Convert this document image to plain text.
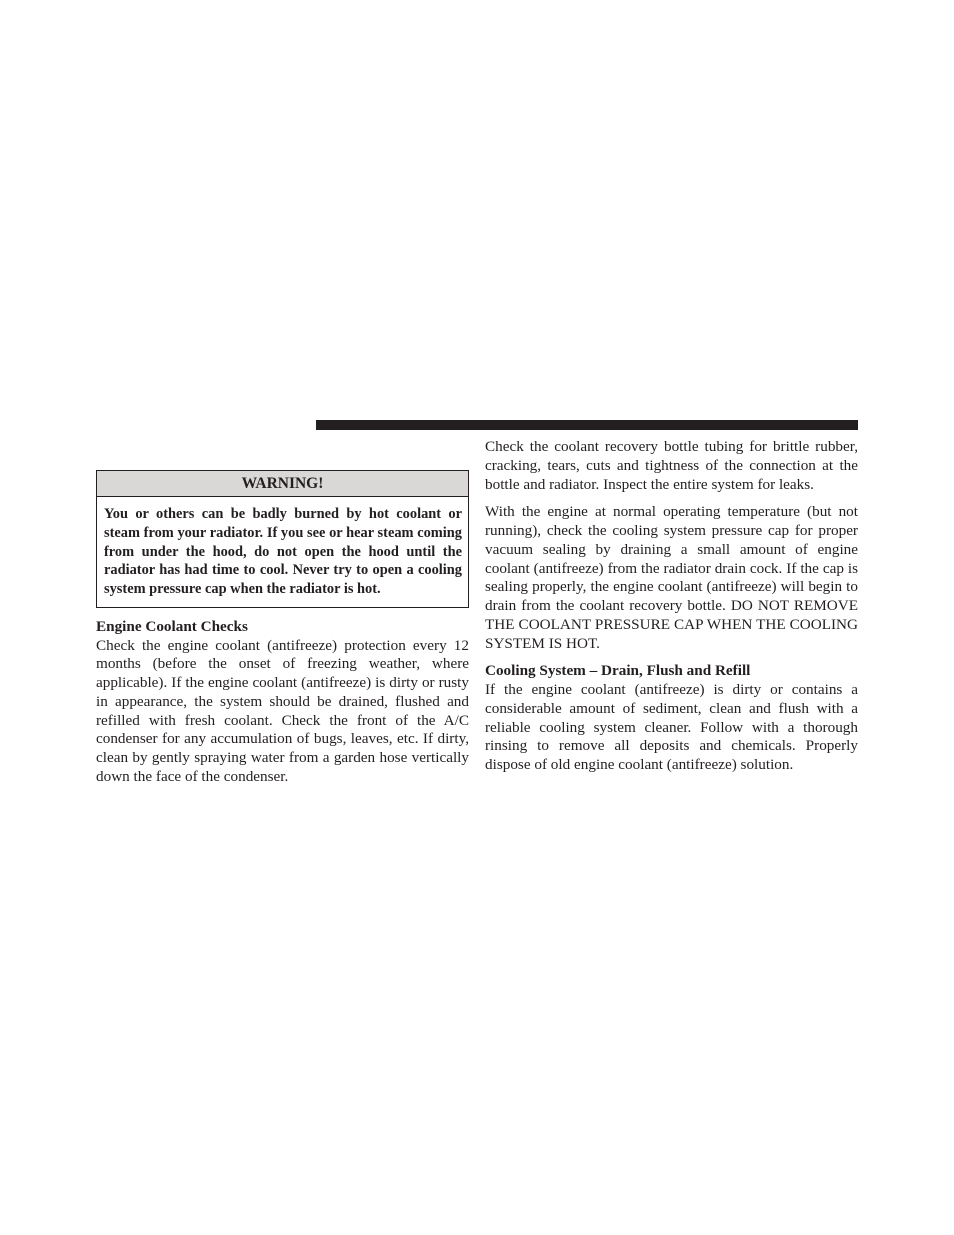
WARNING!
You or others can be badly burned by hot coolant or steam from your radiator. If you see or hear steam coming from under the hood, do not open the hood until the radiator has had time to cool. Never try to open a cooling system pressure cap when the radiator is hot.

Engine Coolant Checks

Check the engine coolant (antifreeze) protection every 12 months (before the onset of freezing weather, where applicable). If the engine coolant (antifreeze) is dirty or rusty in appearance, the system should be drained, flushed and refilled with fresh coolant. Check the front of the A/C condenser for any accumulation of bugs, leaves, etc. If dirty, clean by gently spraying water from a garden hose vertically down the face of the condenser.

Check the coolant recovery bottle tubing for brittle rubber, cracking, tears, cuts and tightness of the connection at the bottle and radiator. Inspect the entire system for leaks.

With the engine at normal operating temperature (but not running), check the cooling system pressure cap for proper vacuum sealing by draining a small amount of engine coolant (antifreeze) from the radiator drain cock. If the cap is sealing properly, the engine coolant (antifreeze) will begin to drain from the coolant recovery bottle. DO NOT REMOVE THE COOLANT PRESSURE CAP WHEN THE COOLING SYSTEM IS HOT.

Cooling System – Drain, Flush and Refill

If the engine coolant (antifreeze) is dirty or contains a considerable amount of sediment, clean and flush with a reliable cooling system cleaner. Follow with a thorough rinsing to remove all deposits and chemicals. Properly dispose of old engine coolant (antifreeze) solution.
